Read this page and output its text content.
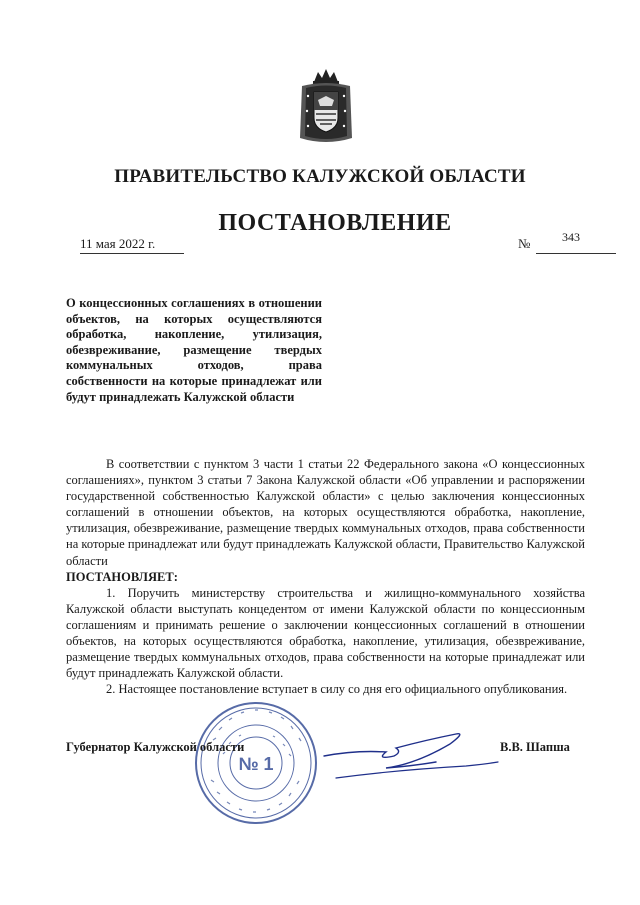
ПРАВИТЕЛЬСТВО КАЛУЖСКОЙ ОБЛАСТИ
ПОСТАНОВЛЕНИЕ
11 мая 2022 г.	№	343
О концессионных соглашениях в отношении объектов, на которых осуществляются обработка, накопление, утилизация, обезвреживание, размещение твердых коммунальных отходов, права собственности на которые принадлежат или будут принадлежать Калужской области

В соответствии с пунктом 3 части 1 статьи 22 Федерального закона «О концессионных соглашениях», пунктом 3 статьи 7 Закона Калужской области «Об управлении и распоряжении государственной собственностью Калужской области» с целью заключения концессионных соглашений в отношении объектов, на которых осуществляются обработка, накопление, утилизация, обезвреживание, размещение твердых коммунальных отходов, права собственности на которые принадлежат или будут принадлежать Калужской области, Правительство Калужской области

ПОСТАНОВЛЯЕТ:

1. Поручить министерству строительства и жилищно-коммунального хозяйства Калужской области выступать концедентом от имени Калужской области по концессионным соглашениям и принимать решение о заключении концессионных соглашений в отношении объектов, на которых осуществляются обработка, накопление, утилизация, обезвреживание, размещение твердых коммунальных отходов, права собственности на которые принадлежат или будут принадлежать Калужской области.

2. Настоящее постановление вступает в силу со дня его официального опубликования.

№ 1
Губернатор Калужской области	В.В. Шапша
